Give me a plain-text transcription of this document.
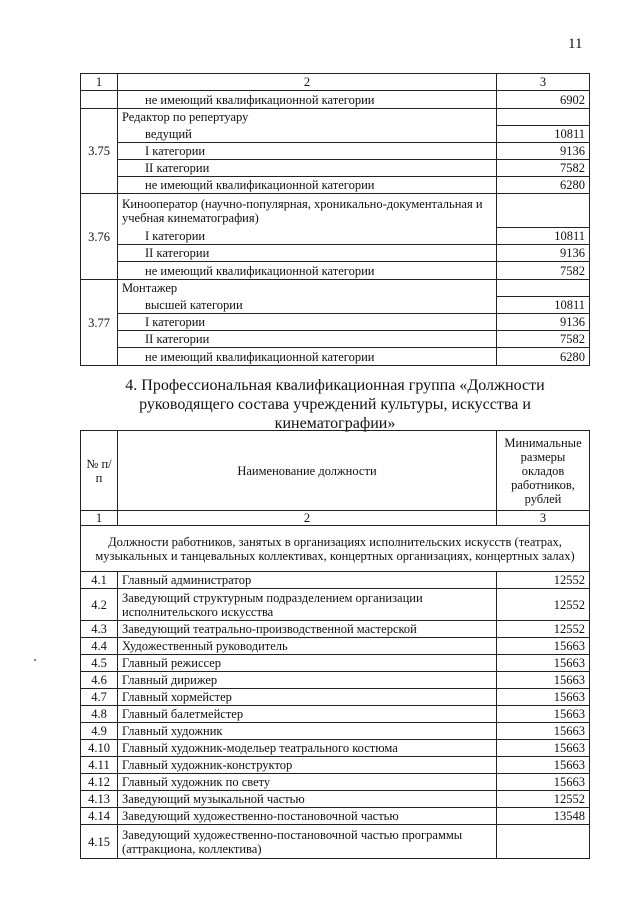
11
1	2	3
	не имеющий квалификационной категории	6902
3.75	Редактор по репертуару	
	ведущий	10811
	I категории	9136
	II категории	7582
	не имеющий квалификационной категории	6280
3.76	Кинооператор (научно-популярная, хроникально-документальная и учебная кинематография)	
	I категории	10811
	II категории	9136
	не имеющий квалификационной категории	7582
3.77	Монтажер	
	высшей категории	10811
	I категории	9136
	II категории	7582
	не имеющий квалификационной категории	6280
4. Профессиональная квалификационная группа «Должности руководящего состава учреждений культуры, искусства и кинематографии»
№ п/п	Наименование должности	Минимальные размеры окладов работников, рублей
1	2	3
Должности работников, занятых в организациях исполнительских искусств (театрах, музыкальных и танцевальных коллективах, концертных организациях, концертных залах)		
4.1	Главный администратор	12552
4.2	Заведующий структурным подразделением организации исполнительского искусства	12552
4.3	Заведующий театрально-производственной мастерской	12552
4.4	Художественный руководитель	15663
4.5	Главный режиссер	15663
4.6	Главный дирижер	15663
4.7	Главный хормейстер	15663
4.8	Главный балетмейстер	15663
4.9	Главный художник	15663
4.10	Главный художник-модельер театрального костюма	15663
4.11	Главный художник-конструктор	15663
4.12	Главный художник по свету	15663
4.13	Заведующий музыкальной частью	12552
4.14	Заведующий художественно-постановочной частью	13548
4.15	Заведующий художественно-постановочной частью программы (аттракциона, коллектива)	
